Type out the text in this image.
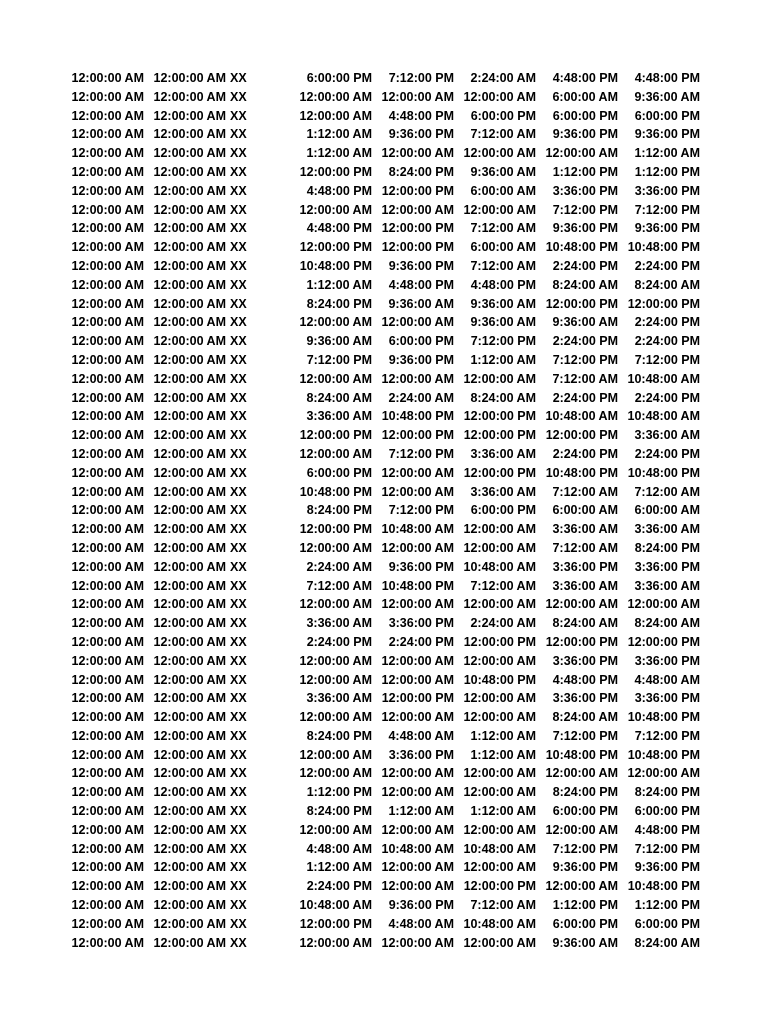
12:00:00 AM 12:00:00 AM XX	6:00:00 PM 7:12:00 PM 2:24:00 AM 4:48:00 PM 4:48:00 PM
12:00:00 AM 12:00:00 AM XX	12:00:00 AM 12:00:00 AM 12:00:00 AM 6:00:00 AM 9:36:00 AM
12:00:00 AM 12:00:00 AM XX	12:00:00 AM 4:48:00 PM 6:00:00 PM 6:00:00 PM 6:00:00 PM
12:00:00 AM 12:00:00 AM XX	1:12:00 AM 9:36:00 PM 7:12:00 AM 9:36:00 PM 9:36:00 PM
12:00:00 AM 12:00:00 AM XX	1:12:00 AM 12:00:00 AM 12:00:00 AM 12:00:00 AM 1:12:00 AM
12:00:00 AM 12:00:00 AM XX	12:00:00 PM 8:24:00 PM 9:36:00 AM 1:12:00 PM 1:12:00 PM
12:00:00 AM 12:00:00 AM XX	4:48:00 PM 12:00:00 PM 6:00:00 AM 3:36:00 PM 3:36:00 PM
12:00:00 AM 12:00:00 AM XX	12:00:00 AM 12:00:00 AM 12:00:00 AM 7:12:00 PM 7:12:00 PM
12:00:00 AM 12:00:00 AM XX	4:48:00 PM 12:00:00 PM 7:12:00 AM 9:36:00 PM 9:36:00 PM
12:00:00 AM 12:00:00 AM XX	12:00:00 PM 12:00:00 PM 6:00:00 AM 10:48:00 PM 10:48:00 PM
12:00:00 AM 12:00:00 AM XX	10:48:00 PM 9:36:00 PM 7:12:00 AM 2:24:00 PM 2:24:00 PM
12:00:00 AM 12:00:00 AM XX	1:12:00 AM 4:48:00 PM 4:48:00 PM 8:24:00 AM 8:24:00 AM
12:00:00 AM 12:00:00 AM XX	8:24:00 PM 9:36:00 AM 9:36:00 AM 12:00:00 PM 12:00:00 PM
12:00:00 AM 12:00:00 AM XX	12:00:00 AM 12:00:00 AM 9:36:00 AM 9:36:00 AM 2:24:00 PM
12:00:00 AM 12:00:00 AM XX	9:36:00 AM 6:00:00 PM 7:12:00 PM 2:24:00 PM 2:24:00 PM
12:00:00 AM 12:00:00 AM XX	7:12:00 PM 9:36:00 PM 1:12:00 AM 7:12:00 PM 7:12:00 PM
12:00:00 AM 12:00:00 AM XX	12:00:00 AM 12:00:00 AM 12:00:00 AM 7:12:00 AM 10:48:00 AM
12:00:00 AM 12:00:00 AM XX	8:24:00 AM 2:24:00 AM 8:24:00 AM 2:24:00 PM 2:24:00 PM
12:00:00 AM 12:00:00 AM XX	3:36:00 AM 10:48:00 PM 12:00:00 PM 10:48:00 AM 10:48:00 AM
12:00:00 AM 12:00:00 AM XX	12:00:00 PM 12:00:00 PM 12:00:00 PM 12:00:00 PM 3:36:00 AM
12:00:00 AM 12:00:00 AM XX	12:00:00 AM 7:12:00 PM 3:36:00 AM 2:24:00 PM 2:24:00 PM
12:00:00 AM 12:00:00 AM XX	6:00:00 PM 12:00:00 AM 12:00:00 PM 10:48:00 PM 10:48:00 PM
12:00:00 AM 12:00:00 AM XX	10:48:00 PM 12:00:00 AM 3:36:00 AM 7:12:00 AM 7:12:00 AM
12:00:00 AM 12:00:00 AM XX	8:24:00 PM 7:12:00 PM 6:00:00 PM 6:00:00 AM 6:00:00 AM
12:00:00 AM 12:00:00 AM XX	12:00:00 PM 10:48:00 AM 12:00:00 AM 3:36:00 AM 3:36:00 AM
12:00:00 AM 12:00:00 AM XX	12:00:00 AM 12:00:00 AM 12:00:00 AM 7:12:00 AM 8:24:00 PM
12:00:00 AM 12:00:00 AM XX	2:24:00 AM 9:36:00 PM 10:48:00 AM 3:36:00 PM 3:36:00 PM
12:00:00 AM 12:00:00 AM XX	7:12:00 AM 10:48:00 PM 7:12:00 AM 3:36:00 AM 3:36:00 AM
12:00:00 AM 12:00:00 AM XX	12:00:00 AM 12:00:00 AM 12:00:00 AM 12:00:00 AM 12:00:00 AM
12:00:00 AM 12:00:00 AM XX	3:36:00 AM 3:36:00 PM 2:24:00 AM 8:24:00 AM 8:24:00 AM
12:00:00 AM 12:00:00 AM XX	2:24:00 PM 2:24:00 PM 12:00:00 PM 12:00:00 PM 12:00:00 PM
12:00:00 AM 12:00:00 AM XX	12:00:00 AM 12:00:00 AM 12:00:00 AM 3:36:00 PM 3:36:00 PM
12:00:00 AM 12:00:00 AM XX	12:00:00 AM 12:00:00 AM 10:48:00 PM 4:48:00 PM 4:48:00 AM
12:00:00 AM 12:00:00 AM XX	3:36:00 AM 12:00:00 PM 12:00:00 AM 3:36:00 PM 3:36:00 PM
12:00:00 AM 12:00:00 AM XX	12:00:00 AM 12:00:00 AM 12:00:00 AM 8:24:00 AM 10:48:00 PM
12:00:00 AM 12:00:00 AM XX	8:24:00 PM 4:48:00 AM 1:12:00 AM 7:12:00 PM 7:12:00 PM
12:00:00 AM 12:00:00 AM XX	12:00:00 AM 3:36:00 PM 1:12:00 AM 10:48:00 PM 10:48:00 PM
12:00:00 AM 12:00:00 AM XX	12:00:00 AM 12:00:00 AM 12:00:00 AM 12:00:00 AM 12:00:00 AM
12:00:00 AM 12:00:00 AM XX	1:12:00 PM 12:00:00 AM 12:00:00 AM 8:24:00 PM 8:24:00 PM
12:00:00 AM 12:00:00 AM XX	8:24:00 PM 1:12:00 AM 1:12:00 AM 6:00:00 PM 6:00:00 PM
12:00:00 AM 12:00:00 AM XX	12:00:00 AM 12:00:00 AM 12:00:00 AM 12:00:00 AM 4:48:00 PM
12:00:00 AM 12:00:00 AM XX	4:48:00 AM 10:48:00 AM 10:48:00 AM 7:12:00 PM 7:12:00 PM
12:00:00 AM 12:00:00 AM XX	1:12:00 AM 12:00:00 AM 12:00:00 AM 9:36:00 PM 9:36:00 PM
12:00:00 AM 12:00:00 AM XX	2:24:00 PM 12:00:00 AM 12:00:00 PM 12:00:00 AM 10:48:00 PM
12:00:00 AM 12:00:00 AM XX	10:48:00 AM 9:36:00 PM 7:12:00 AM 1:12:00 PM 1:12:00 PM
12:00:00 AM 12:00:00 AM XX	12:00:00 PM 4:48:00 AM 10:48:00 AM 6:00:00 PM 6:00:00 PM
12:00:00 AM 12:00:00 AM XX	12:00:00 AM 12:00:00 AM 12:00:00 AM 9:36:00 AM 8:24:00 AM
